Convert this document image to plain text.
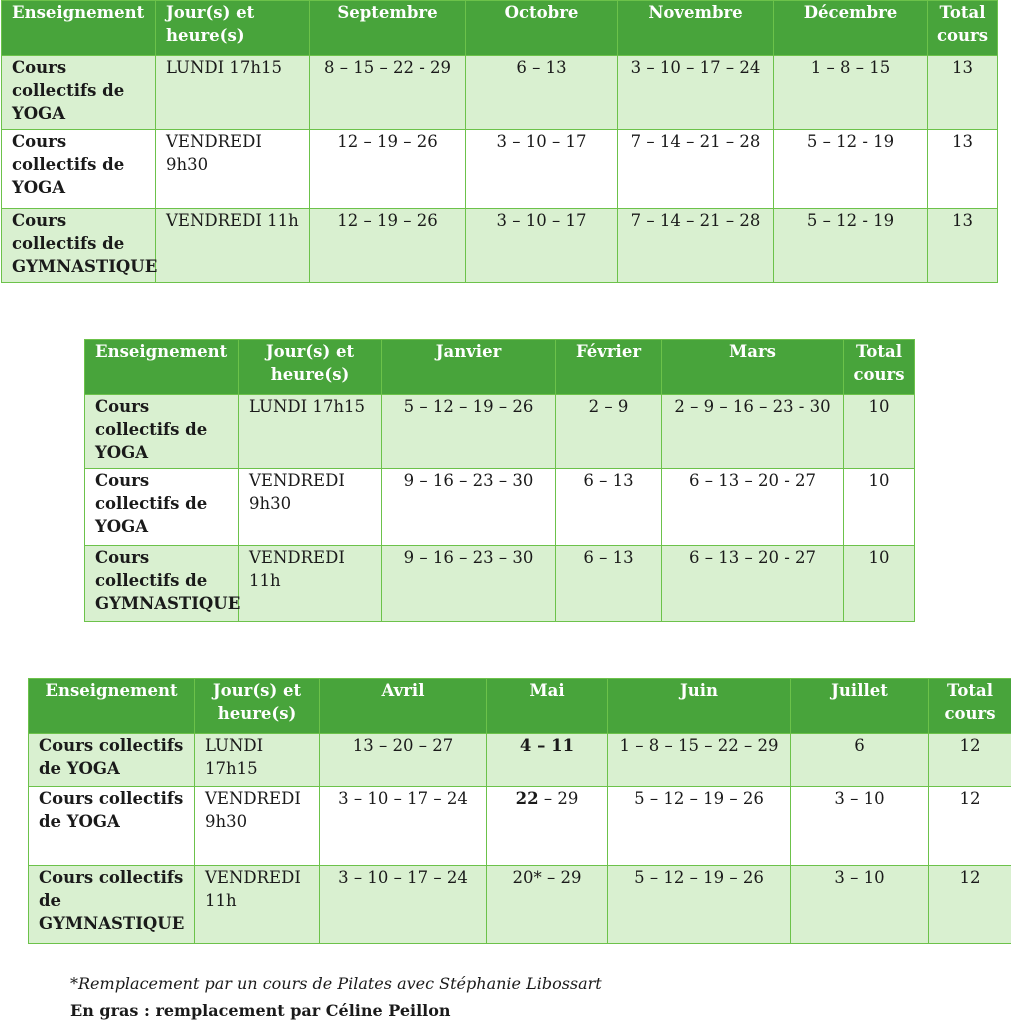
Enseignement	Jour(s) et heure(s)	Septembre	Octobre	Novembre	Décembre	Total cours
Cours collectifs de YOGA	LUNDI 17h15	8 – 15 – 22 - 29	6 – 13	3 – 10 – 17 – 24	1 – 8 – 15	13
Cours collectifs de YOGA	VENDREDI 9h30	12 – 19 – 26	3 – 10 – 17	7 – 14 – 21 – 28	5 – 12 - 19	13
Cours collectifs de GYMNASTIQUE	VENDREDI 11h	12 – 19 – 26	3 – 10 – 17	7 – 14 – 21 – 28	5 – 12 - 19	13
Enseignement	Jour(s) et heure(s)	Janvier	Février	Mars	Total cours
Cours collectifs de YOGA	LUNDI 17h15	5 – 12 – 19 – 26	2 – 9	2 – 9 – 16 – 23 - 30	10
Cours collectifs de YOGA	VENDREDI 9h30	9 – 16 – 23 – 30	6 – 13	6 – 13 – 20 - 27	10
Cours collectifs de GYMNASTIQUE	VENDREDI 11h	9 – 16 – 23 – 30	6 – 13	6 – 13 – 20 - 27	10
Enseignement	Jour(s) et heure(s)	Avril	Mai	Juin	Juillet	Total cours
Cours collectifs de YOGA	LUNDI 17h15	13 – 20 – 27	4 – 11	1 – 8 – 15 – 22 – 29	6	12
Cours collectifs de YOGA	VENDREDI 9h30	3 – 10 – 17 – 24	22 – 29	5 – 12 – 19 – 26	3 – 10	12
Cours collectifs de GYMNASTIQUE	VENDREDI 11h	3 – 10 – 17 – 24	20* – 29	5 – 12 – 19 – 26	3 – 10	12
*Remplacement par un cours de Pilates avec Stéphanie Libossart
En gras : remplacement par Céline Peillon
